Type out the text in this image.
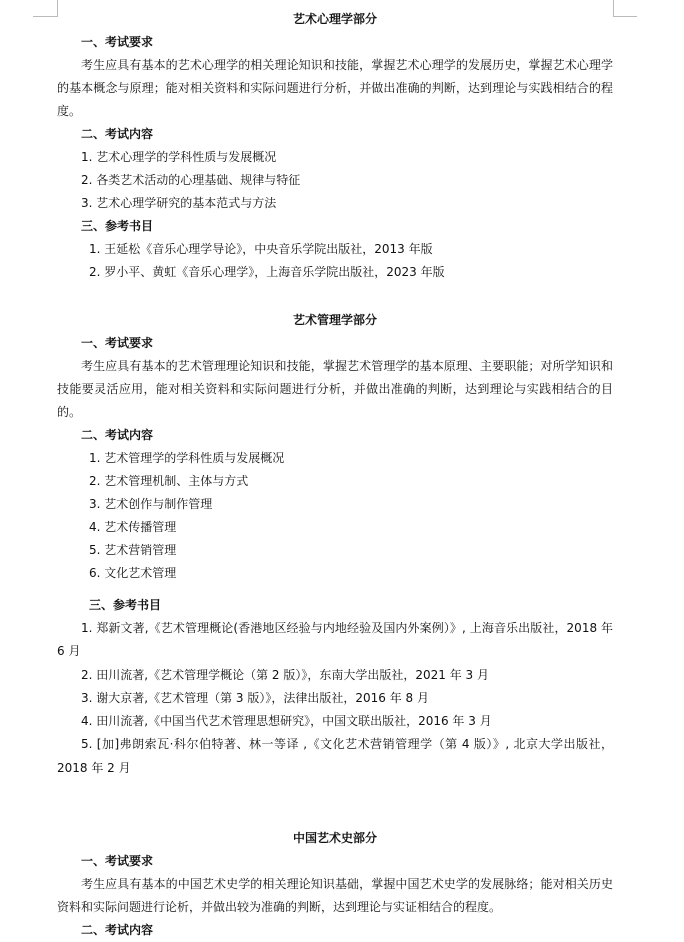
艺术心理学部分
一、考试要求
考生应具有基本的艺术心理学的相关理论知识和技能，掌握艺术心理学的发展历史，掌握艺术心理学的基本概念与原理；能对相关资料和实际问题进行分析，并做出准确的判断，达到理论与实践相结合的程度。
二、考试内容
1. 艺术心理学的学科性质与发展概况
2. 各类艺术活动的心理基础、规律与特征
3. 艺术心理学研究的基本范式与方法
三、参考书目
1. 王延松《音乐心理学导论》，中央音乐学院出版社，2013 年版
2. 罗小平、黄虹《音乐心理学》，上海音乐学院出版社，2023 年版
艺术管理学部分
一、考试要求
考生应具有基本的艺术管理理论知识和技能，掌握艺术管理学的基本原理、主要职能；对所学知识和技能要灵活应用，能对相关资料和实际问题进行分析，并做出准确的判断，达到理论与实践相结合的目的。
二、考试内容
1. 艺术管理学的学科性质与发展概况
2. 艺术管理机制、主体与方式
3. 艺术创作与制作管理
4. 艺术传播管理
5. 艺术营销管理
6. 文化艺术管理
三、参考书目
1. 郑新文著,《艺术管理概论(香港地区经验与内地经验及国内外案例）》, 上海音乐出版社，2018 年 6 月
2. 田川流著,《艺术管理学概论（第 2 版）》，东南大学出版社，2021 年 3 月
3. 谢大京著,《艺术管理（第 3 版）》，法律出版社，2016 年 8 月
4. 田川流著,《中国当代艺术管理思想研究》，中国文联出版社，2016 年 3 月
5. [加]弗朗索瓦·科尔伯特著、林一等译 ,《文化艺术营销管理学（第 4 版）》, 北京大学出版社，2018 年 2 月
中国艺术史部分
一、考试要求
考生应具有基本的中国艺术史学的相关理论知识基础，掌握中国艺术史学的发展脉络；能对相关历史资料和实际问题进行论析，并做出较为准确的判断，达到理论与实证相结合的程度。
二、考试内容
